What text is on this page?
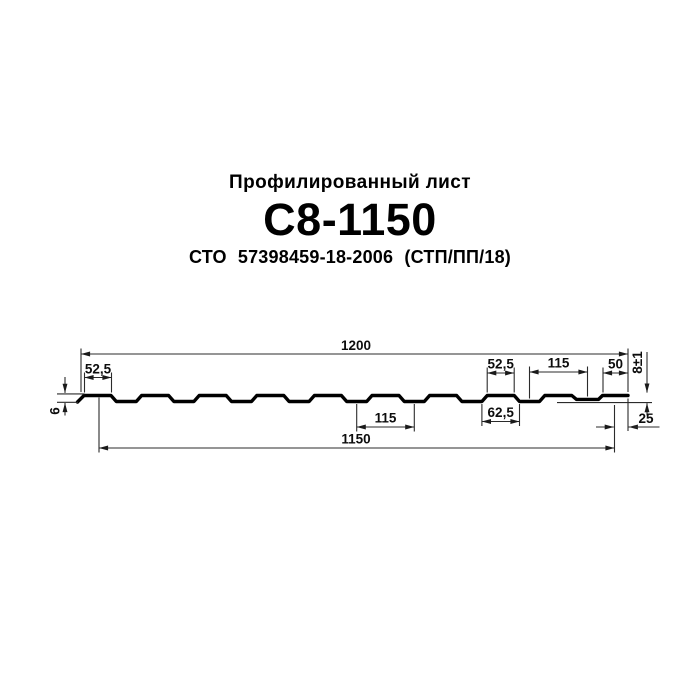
Профилированный лист
С8-1150
СТО 57398459-18-2006 (СТП/ПП/18)
1200
1150
52,5	52,5	115	50
115	62,5	25
8±1
6
